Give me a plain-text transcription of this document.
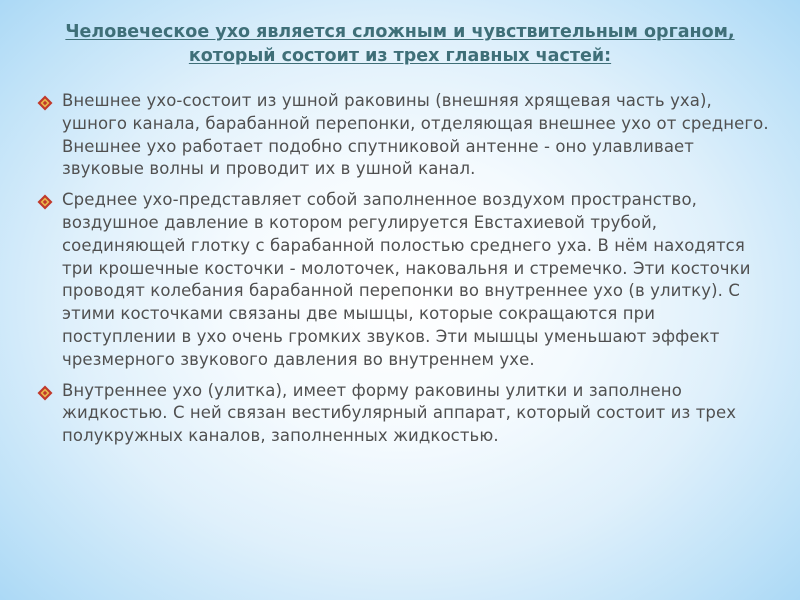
Человеческое ухо является сложным и чувствительным органом, который состоит из трех главных частей:
Внешнее ухо-состоит из ушной раковины (внешняя хрящевая часть уха), ушного канала, барабанной перепонки, отделяющая внешнее ухо от среднего. Внешнее ухо работает подобно спутниковой антенне - оно улавливает звуковые волны и проводит их в ушной канал.
Среднее ухо-представляет собой заполненное воздухом пространство, воздушное давление в котором регулируется Евстахиевой трубой, соединяющей глотку с барабанной полостью среднего уха. В нём находятся три крошечные косточки - молоточек, наковальня и стремечко. Эти косточки проводят колебания барабанной перепонки во внутреннее ухо (в улитку). С этими косточками связаны две мышцы, которые сокращаются при поступлении в ухо очень громких звуков. Эти мышцы уменьшают эффект чрезмерного звукового давления во внутреннем ухе.
Внутреннее ухо (улитка), имеет форму раковины улитки и заполнено жидкостью. С ней связан вестибулярный аппарат, который состоит из трех полукружных каналов, заполненных жидкостью.
